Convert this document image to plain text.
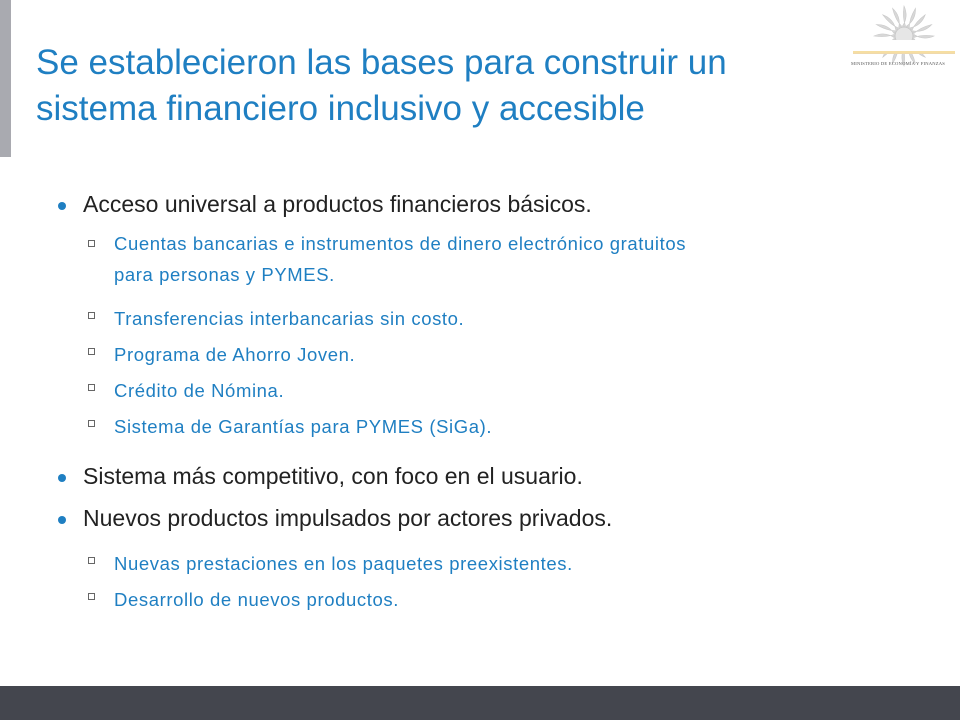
Se establecieron las bases para construir un
sistema financiero inclusivo y accesible
MINISTERIO DE ECONOMÍA Y FINANZAS
Acceso universal a productos financieros básicos.
Cuentas bancarias e instrumentos de dinero electrónico gratuitos para personas y PYMES.
Transferencias interbancarias sin costo.
Programa de Ahorro Joven.
Crédito de Nómina.
Sistema de Garantías para PYMES (SiGa).
Sistema más competitivo, con foco en el usuario.
Nuevos productos impulsados por actores privados.
Nuevas prestaciones en los paquetes preexistentes.
Desarrollo de nuevos productos.
